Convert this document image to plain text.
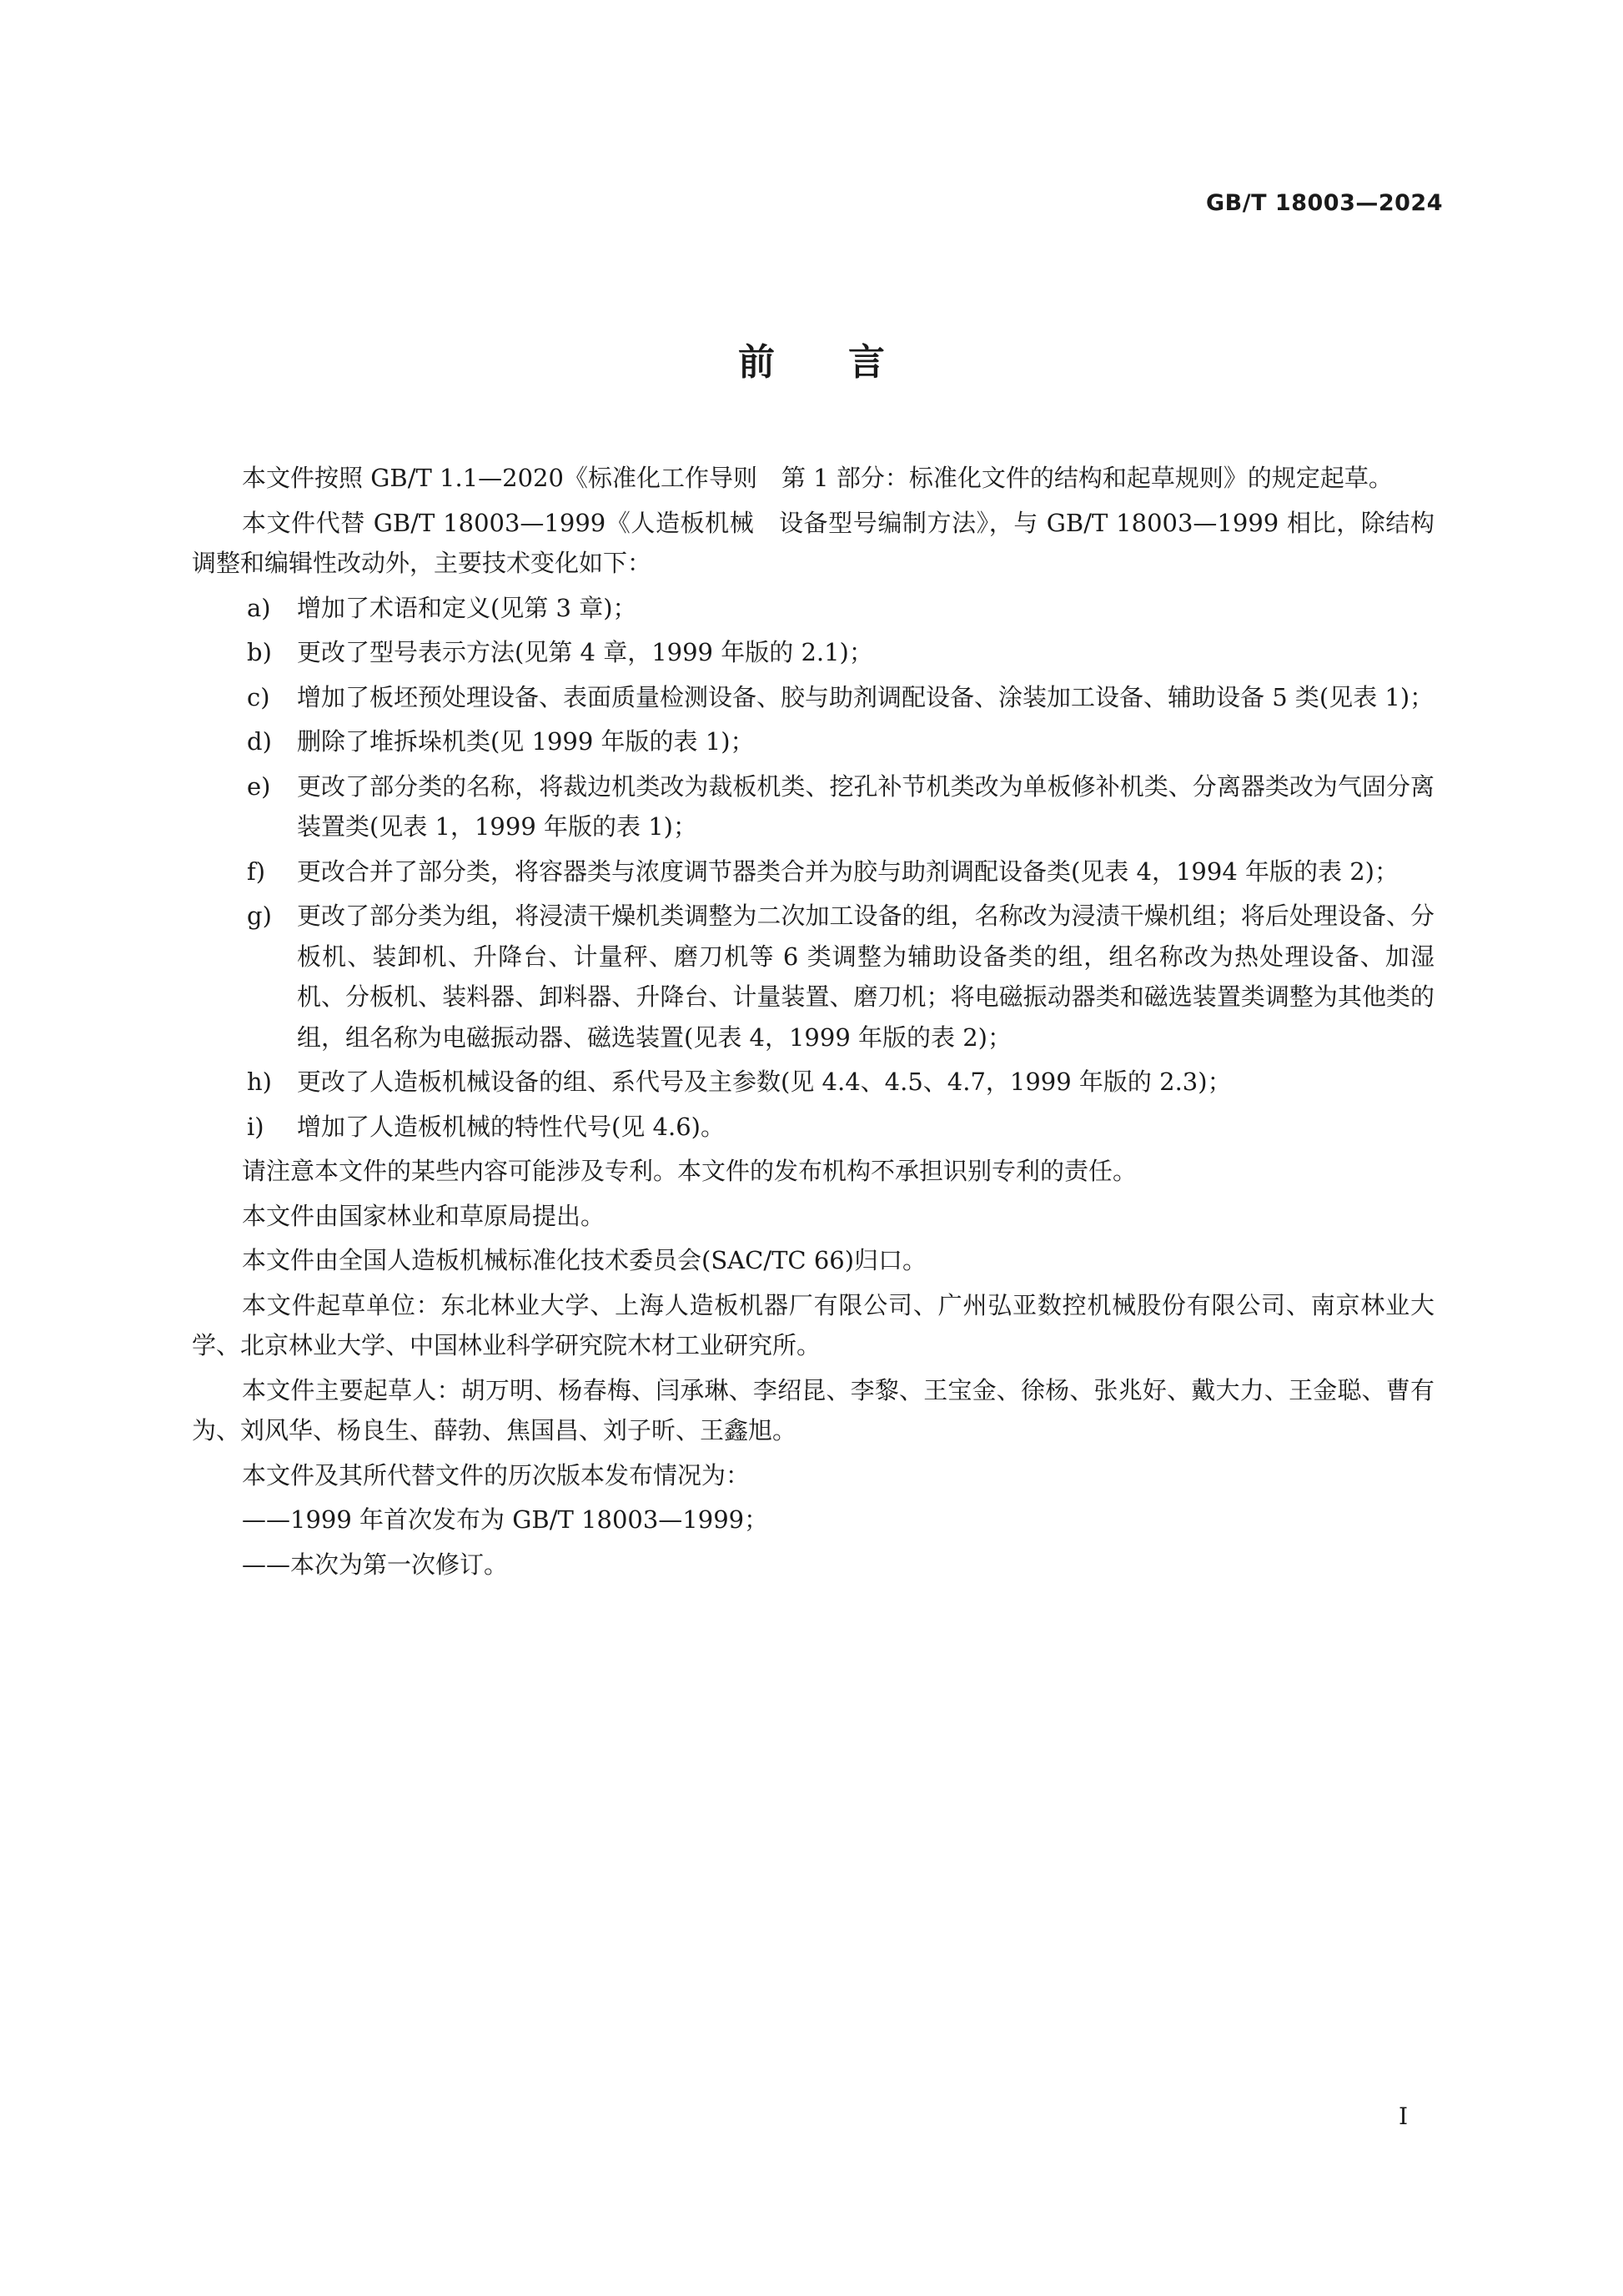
GB/T 18003—2024
前言

本文件按照 GB/T 1.1—2020《标准化工作导则　第 1 部分：标准化文件的结构和起草规则》的规定起草。

本文件代替 GB/T 18003—1999《人造板机械　设备型号编制方法》，与 GB/T 18003—1999 相比，除结构调整和编辑性改动外，主要技术变化如下：

a)	增加了术语和定义(见第 3 章)；
b)	更改了型号表示方法(见第 4 章，1999 年版的 2.1)；
c)	增加了板坯预处理设备、表面质量检测设备、胶与助剂调配设备、涂装加工设备、辅助设备 5 类(见表 1)；
d)	删除了堆拆垛机类(见 1999 年版的表 1)；
e)	更改了部分类的名称，将裁边机类改为裁板机类、挖孔补节机类改为单板修补机类、分离器类改为气固分离装置类(见表 1，1999 年版的表 1)；
f)	更改合并了部分类，将容器类与浓度调节器类合并为胶与助剂调配设备类(见表 4，1994 年版的表 2)；
g)	更改了部分类为组，将浸渍干燥机类调整为二次加工设备的组，名称改为浸渍干燥机组；将后处理设备、分板机、装卸机、升降台、计量秤、磨刀机等 6 类调整为辅助设备类的组，组名称改为热处理设备、加湿机、分板机、装料器、卸料器、升降台、计量装置、磨刀机；将电磁振动器类和磁选装置类调整为其他类的组，组名称为电磁振动器、磁选装置(见表 4，1999 年版的表 2)；
h)	更改了人造板机械设备的组、系代号及主参数(见 4.4、4.5、4.7，1999 年版的 2.3)；
i)	增加了人造板机械的特性代号(见 4.6)。

请注意本文件的某些内容可能涉及专利。本文件的发布机构不承担识别专利的责任。

本文件由国家林业和草原局提出。

本文件由全国人造板机械标准化技术委员会(SAC/TC 66)归口。

本文件起草单位：东北林业大学、上海人造板机器厂有限公司、广州弘亚数控机械股份有限公司、南京林业大学、北京林业大学、中国林业科学研究院木材工业研究所。

本文件主要起草人：胡万明、杨春梅、闫承琳、李绍昆、李黎、王宝金、徐杨、张兆好、戴大力、王金聪、曹有为、刘风华、杨良生、薛勃、焦国昌、刘子昕、王鑫旭。

本文件及其所代替文件的历次版本发布情况为：

——1999 年首次发布为 GB/T 18003—1999；

——本次为第一次修订。

I
